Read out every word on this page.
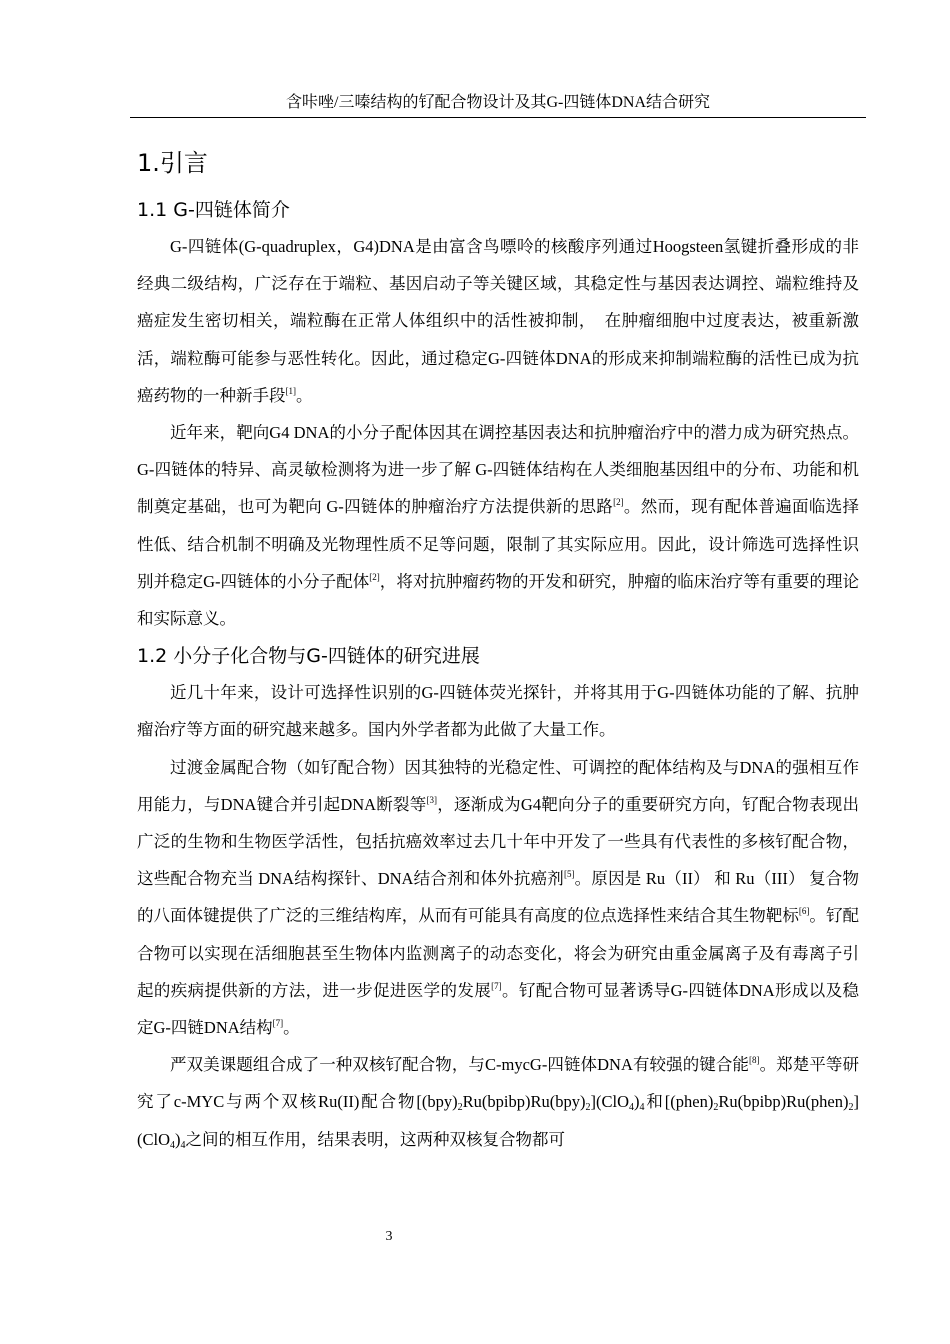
含咔唑/三嗪结构的钌配合物设计及其G-四链体DNA结合研究
1.引言
1.1 G-四链体简介

G-四链体(G-quadruplex，G4)DNA是由富含鸟嘌呤的核酸序列通过Hoogsteen氢键折叠形成的非经典二级结构，广泛存在于端粒、基因启动子等关键区域，其稳定性与基因表达调控、端粒维持及癌症发生密切相关，端粒酶在正常人体组织中的活性被抑制，　在肿瘤细胞中过度表达，被重新激活，端粒酶可能参与恶性转化。因此，通过稳定G-四链体DNA的形成来抑制端粒酶的活性已成为抗癌药物的一种新手段[1]。

近年来，靶向G4 DNA的小分子配体因其在调控基因表达和抗肿瘤治疗中的潜力成为研究热点。G-四链体的特异、高灵敏检测将为进一步了解 G-四链体结构在人类细胞基因组中的分布、功能和机制奠定基础，也可为靶向 G-四链体的肿瘤治疗方法提供新的思路[2]。然而，现有配体普遍面临选择性低、结合机制不明确及光物理性质不足等问题，限制了其实际应用。因此，设计筛选可选择性识别并稳定G-四链体的小分子配体[2]，将对抗肿瘤药物的开发和研究，肿瘤的临床治疗等有重要的理论和实际意义。

1.2 小分子化合物与G-四链体的研究进展

近几十年来，设计可选择性识别的G-四链体荧光探针，并将其用于G-四链体功能的了解、抗肿瘤治疗等方面的研究越来越多。国内外学者都为此做了大量工作。

过渡金属配合物（如钌配合物）因其独特的光稳定性、可调控的配体结构及与DNA的强相互作用能力，与DNA键合并引起DNA断裂等[3]，逐渐成为G4靶向分子的重要研究方向，钌配合物表现出广泛的生物和生物医学活性，包括抗癌效率过去几十年中开发了一些具有代表性的多核钌配合物，这些配合物充当 DNA结构探针、DNA结合剂和体外抗癌剂[5]。原因是 Ru（II） 和 Ru（III） 复合物的八面体键提供了广泛的三维结构库，从而有可能具有高度的位点选择性来结合其生物靶标[6]。钌配合物可以实现在活细胞甚至生物体内监测离子的动态变化，将会为研究由重金属离子及有毒离子引起的疾病提供新的方法，进一步促进医学的发展[7]。钌配合物可显著诱导G-四链体DNA形成以及稳定G-四链DNA结构[7]。

严双美课题组合成了一种双核钌配合物，与C-mycG-四链体DNA有较强的键合能[8]。郑楚平等研究了c-MYC与两个双核Ru(II)配合物$[(bpy)_2Ru(bpibp)Ru(bpy)_2](ClO_4)_4$和$[(phen)_2Ru(bpibp)Ru(phen)_2](ClO_4)_4$之间的相互作用，结果表明，这两种双核复合物都可

3
